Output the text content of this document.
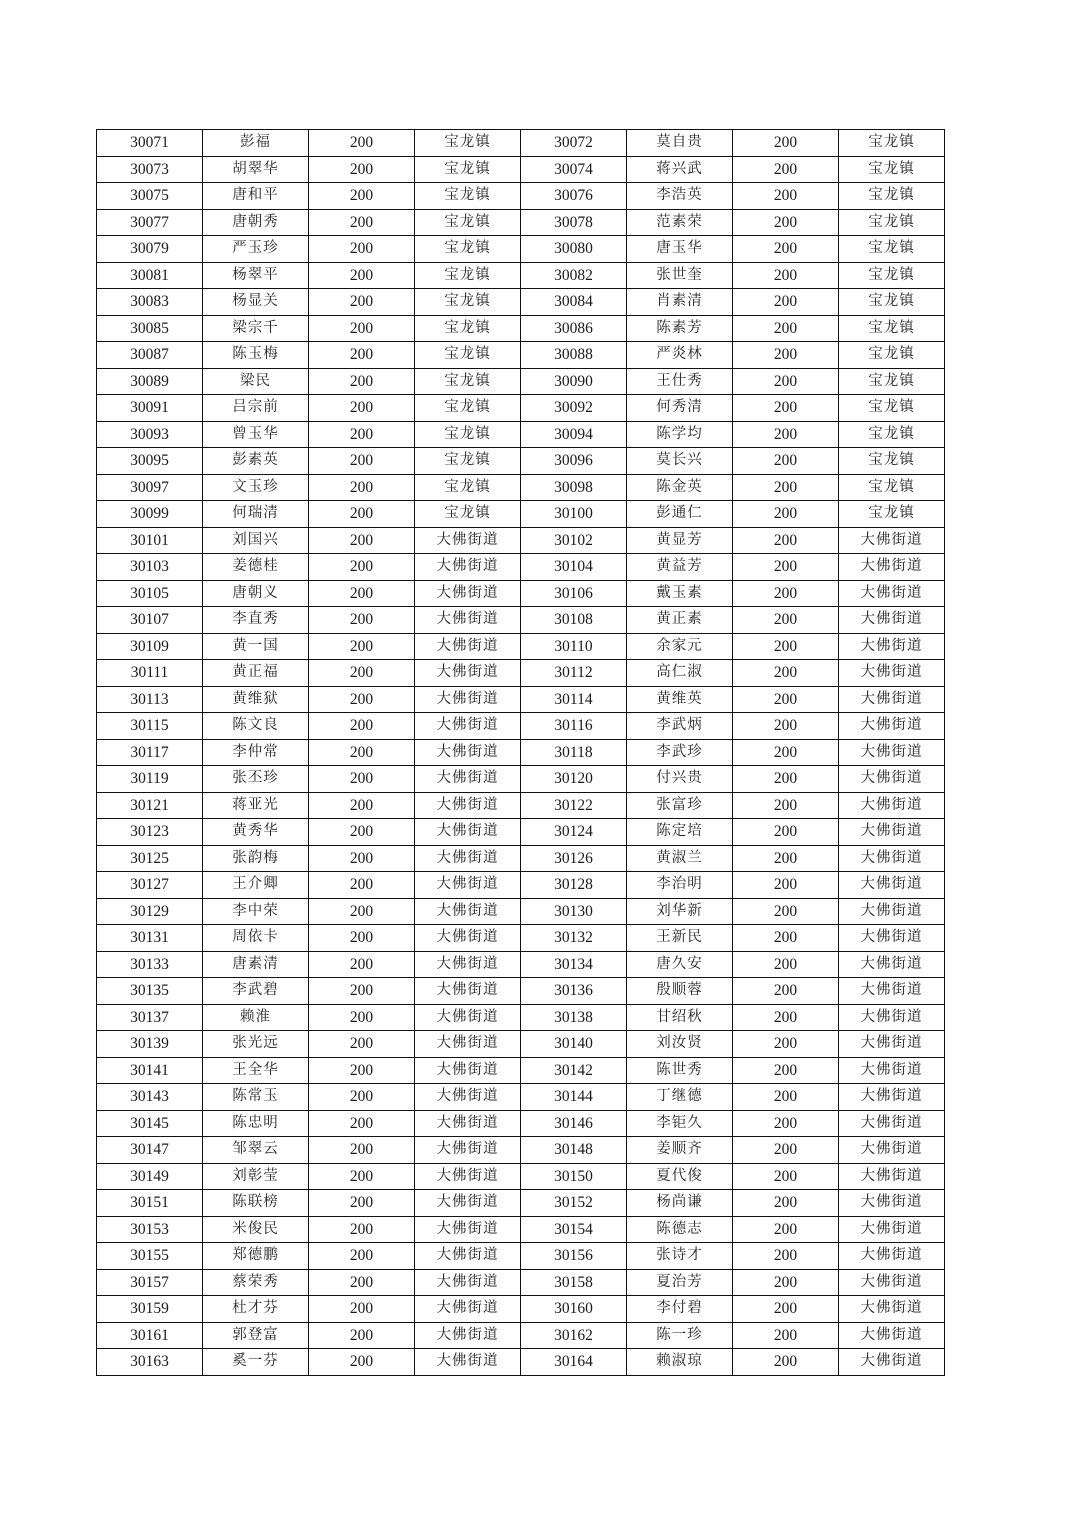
30071	彭福	200	宝龙镇	30072	莫自贵	200	宝龙镇
30073	胡翠华	200	宝龙镇	30074	蒋兴武	200	宝龙镇
30075	唐和平	200	宝龙镇	30076	李浩英	200	宝龙镇
30077	唐朝秀	200	宝龙镇	30078	范素荣	200	宝龙镇
30079	严玉珍	200	宝龙镇	30080	唐玉华	200	宝龙镇
30081	杨翠平	200	宝龙镇	30082	张世奎	200	宝龙镇
30083	杨显关	200	宝龙镇	30084	肖素清	200	宝龙镇
30085	梁宗千	200	宝龙镇	30086	陈素芳	200	宝龙镇
30087	陈玉梅	200	宝龙镇	30088	严炎林	200	宝龙镇
30089	梁民	200	宝龙镇	30090	王仕秀	200	宝龙镇
30091	吕宗前	200	宝龙镇	30092	何秀清	200	宝龙镇
30093	曾玉华	200	宝龙镇	30094	陈学均	200	宝龙镇
30095	彭素英	200	宝龙镇	30096	莫长兴	200	宝龙镇
30097	文玉珍	200	宝龙镇	30098	陈金英	200	宝龙镇
30099	何瑞清	200	宝龙镇	30100	彭通仁	200	宝龙镇
30101	刘国兴	200	大佛街道	30102	黄显芳	200	大佛街道
30103	姜德桂	200	大佛街道	30104	黄益芳	200	大佛街道
30105	唐朝义	200	大佛街道	30106	戴玉素	200	大佛街道
30107	李直秀	200	大佛街道	30108	黄正素	200	大佛街道
30109	黄一国	200	大佛街道	30110	余家元	200	大佛街道
30111	黄正福	200	大佛街道	30112	高仁淑	200	大佛街道
30113	黄维狱	200	大佛街道	30114	黄维英	200	大佛街道
30115	陈文良	200	大佛街道	30116	李武炳	200	大佛街道
30117	李仲常	200	大佛街道	30118	李武珍	200	大佛街道
30119	张丕珍	200	大佛街道	30120	付兴贵	200	大佛街道
30121	蒋亚光	200	大佛街道	30122	张富珍	200	大佛街道
30123	黄秀华	200	大佛街道	30124	陈定培	200	大佛街道
30125	张韵梅	200	大佛街道	30126	黄淑兰	200	大佛街道
30127	王介卿	200	大佛街道	30128	李治明	200	大佛街道
30129	李中荣	200	大佛街道	30130	刘华新	200	大佛街道
30131	周依卡	200	大佛街道	30132	王新民	200	大佛街道
30133	唐素清	200	大佛街道	30134	唐久安	200	大佛街道
30135	李武碧	200	大佛街道	30136	殷顺蓉	200	大佛街道
30137	赖淮	200	大佛街道	30138	甘绍秋	200	大佛街道
30139	张光远	200	大佛街道	30140	刘汝贤	200	大佛街道
30141	王全华	200	大佛街道	30142	陈世秀	200	大佛街道
30143	陈常玉	200	大佛街道	30144	丁继德	200	大佛街道
30145	陈忠明	200	大佛街道	30146	李钜久	200	大佛街道
30147	邹翠云	200	大佛街道	30148	姜顺齐	200	大佛街道
30149	刘彰莹	200	大佛街道	30150	夏代俊	200	大佛街道
30151	陈联榜	200	大佛街道	30152	杨尚谦	200	大佛街道
30153	米俊民	200	大佛街道	30154	陈德志	200	大佛街道
30155	郑德鹏	200	大佛街道	30156	张诗才	200	大佛街道
30157	蔡荣秀	200	大佛街道	30158	夏治芳	200	大佛街道
30159	杜才芬	200	大佛街道	30160	李付碧	200	大佛街道
30161	郭登富	200	大佛街道	30162	陈一珍	200	大佛街道
30163	奚一芬	200	大佛街道	30164	赖淑琼	200	大佛街道
